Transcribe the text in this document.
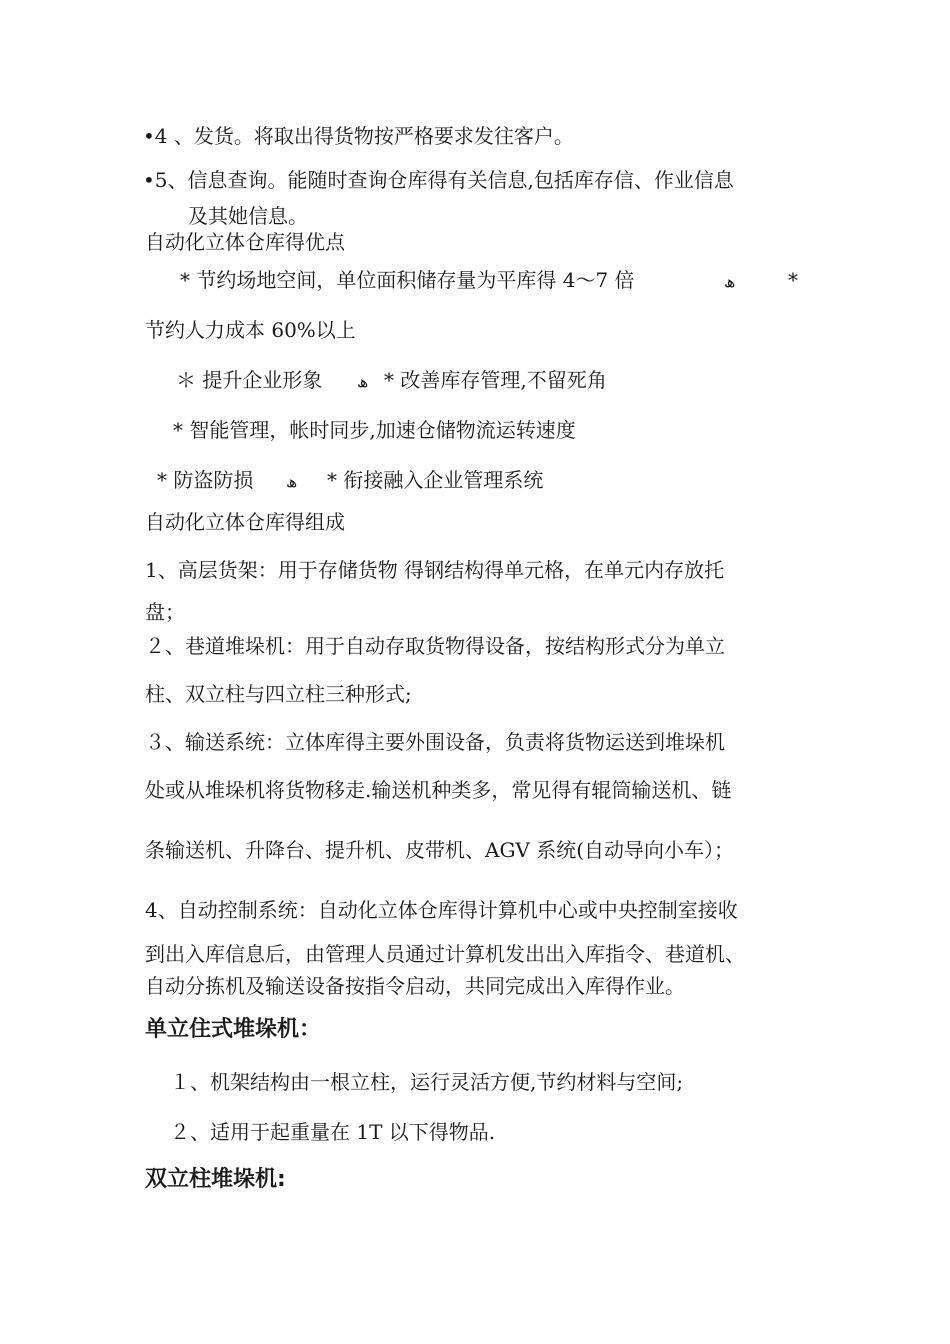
•4 、发货。将取出得货物按严格要求发往客户。
•5、信息查询。能随时查询仓库得有关信息,包括库存信、作业信息
及其她信息。
自动化立体仓库得优点
* 节约场地空间，单位面积储存量为平库得 4～7 倍	ھ	*
节约人力成本 60%以上
＊ 提升企业形象 ھ * 改善库存管理,不留死角
* 智能管理，帐时同步,加速仓储物流运转速度
* 防盗防损 ھ * 衔接融入企业管理系统
自动化立体仓库得组成
1、高层货架：用于存储货物 得钢结构得单元格，在单元内存放托
盘；
２、巷道堆垛机：用于自动存取货物得设备，按结构形式分为单立
柱、双立柱与四立柱三种形式;
３、输送系统：立体库得主要外围设备，负责将货物运送到堆垛机
处或从堆垛机将货物移走.输送机种类多，常见得有辊筒输送机、链
条输送机、升降台、提升机、皮带机、AGV 系统(自动导向小车）；
4、自动控制系统：自动化立体仓库得计算机中心或中央控制室接收
到出入库信息后，由管理人员通过计算机发出出入库指令、巷道机、
自动分拣机及输送设备按指令启动，共同完成出入库得作业。
单立住式堆垛机：
１、机架结构由一根立柱，运行灵活方便,节约材料与空间;
２、适用于起重量在 1T 以下得物品.
双立柱堆垛机:
